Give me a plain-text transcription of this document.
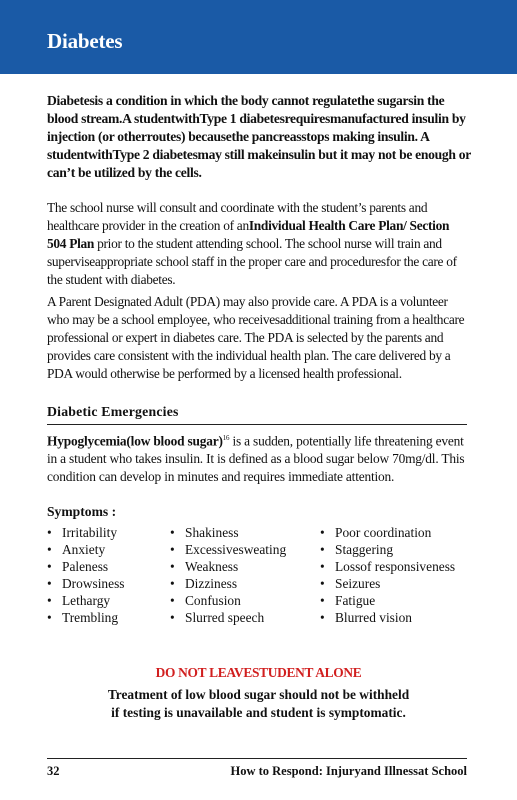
Diabetes

Diabetesis a condition in which the body cannot regulatethe sugarsin the blood stream.A studentwithType 1 diabetesrequiresmanufactured insulin by injection (or otherroutes) becausethe pancreasstops making insulin. A studentwithType 2 diabetesmay still makeinsulin but it may not be enough or can’t be utilized by the cells.

The school nurse will consult and coordinate with the student’s parents and healthcare provider in the creation of anIndividual Health Care Plan/ Section 504 Plan prior to the student attending school. The school nurse will train and superviseappropriate school staff in the proper care and proceduresfor the care of the student with diabetes.

A Parent Designated Adult (PDA) may also provide care. A PDA is a volunteer who may be a school employee, who receivesadditional training from a healthcare professional or expert in diabetes care. The PDA is selected by the parents and provides care consistent with the individual health plan. The care delivered by a PDA would otherwise be performed by a licensed health professional.

Diabetic Emergencies

Hypoglycemia(low blood sugar)$^{16}$ is a sudden, potentially life threatening event in a student who takes insulin. It is defined as a blood sugar below 70mg/dl. This condition can develop in minutes and requires immediate attention.

Symptoms :
• Irritability
• Anxiety
• Paleness
• Drowsiness
• Lethargy
• Trembling
• Shakiness
• Excessivesweating
• Weakness
• Dizziness
• Confusion
• Slurred speech
• Poor coordination
• Staggering
• Lossof responsiveness
• Seizures
• Fatigue
• Blurred vision
DO NOT LEAVESTUDENT ALONE
Treatment of low blood sugar should not be withheld
if testing is unavailable and student is symptomatic.
32	How to Respond: Injuryand Illnessat School
